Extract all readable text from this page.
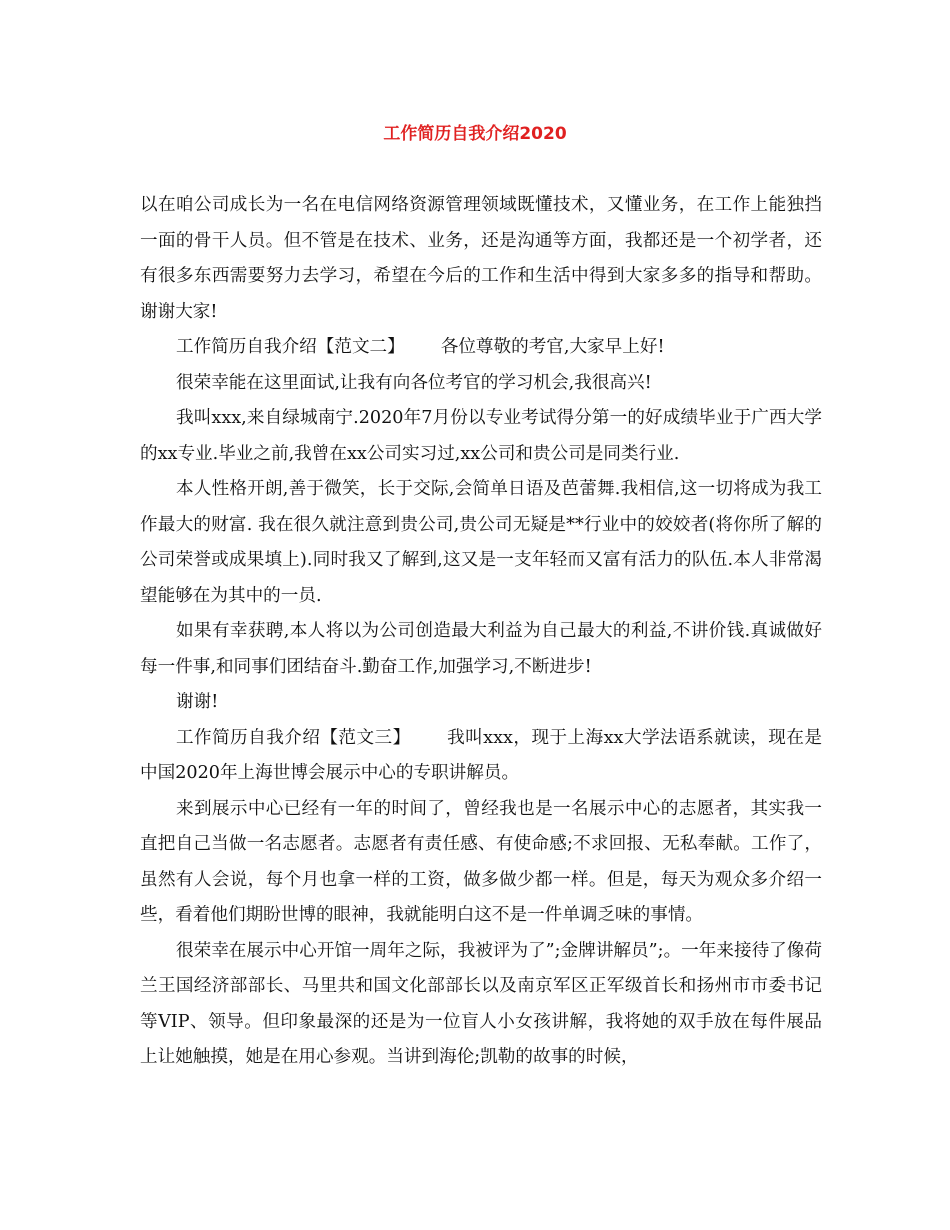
工作简历自我介绍2020

以在咱公司成长为一名在电信网络资源管理领域既懂技术，又懂业务，在工作上能独挡一面的骨干人员。但不管是在技术、业务，还是沟通等方面，我都还是一个初学者，还有很多东西需要努力去学习，希望在今后的工作和生活中得到大家多多的指导和帮助。谢谢大家!

工作简历自我介绍【范文二】 各位尊敬的考官,大家早上好!

很荣幸能在这里面试,让我有向各位考官的学习机会,我很高兴!

我叫xxx,来自绿城南宁.2020年7月份以专业考试得分第一的好成绩毕业于广西大学的xx专业.毕业之前,我曾在xx公司实习过,xx公司和贵公司是同类行业.

本人性格开朗,善于微笑，长于交际,会简单日语及芭蕾舞.我相信,这一切将成为我工作最大的财富. 我在很久就注意到贵公司,贵公司无疑是**行业中的姣姣者(将你所了解的公司荣誉或成果填上).同时我又了解到,这又是一支年轻而又富有活力的队伍.本人非常渴望能够在为其中的一员.

如果有幸获聘,本人将以为公司创造最大利益为自己最大的利益,不讲价钱.真诚做好每一件事,和同事们团结奋斗.勤奋工作,加强学习,不断进步!

谢谢!

工作简历自我介绍【范文三】 我叫xxx，现于上海xx大学法语系就读，现在是中国2020年上海世博会展示中心的专职讲解员。

来到展示中心已经有一年的时间了，曾经我也是一名展示中心的志愿者，其实我一直把自己当做一名志愿者。志愿者有责任感、有使命感;不求回报、无私奉献。工作了，虽然有人会说，每个月也拿一样的工资，做多做少都一样。但是，每天为观众多介绍一些，看着他们期盼世博的眼神，我就能明白这不是一件单调乏味的事情。

很荣幸在展示中心开馆一周年之际，我被评为了”;金牌讲解员”;。一年来接待了像荷兰王国经济部部长、马里共和国文化部部长以及南京军区正军级首长和扬州市市委书记等VIP、领导。但印象最深的还是为一位盲人小女孩讲解，我将她的双手放在每件展品上让她触摸，她是在用心参观。当讲到海伦;凯勒的故事的时候，
